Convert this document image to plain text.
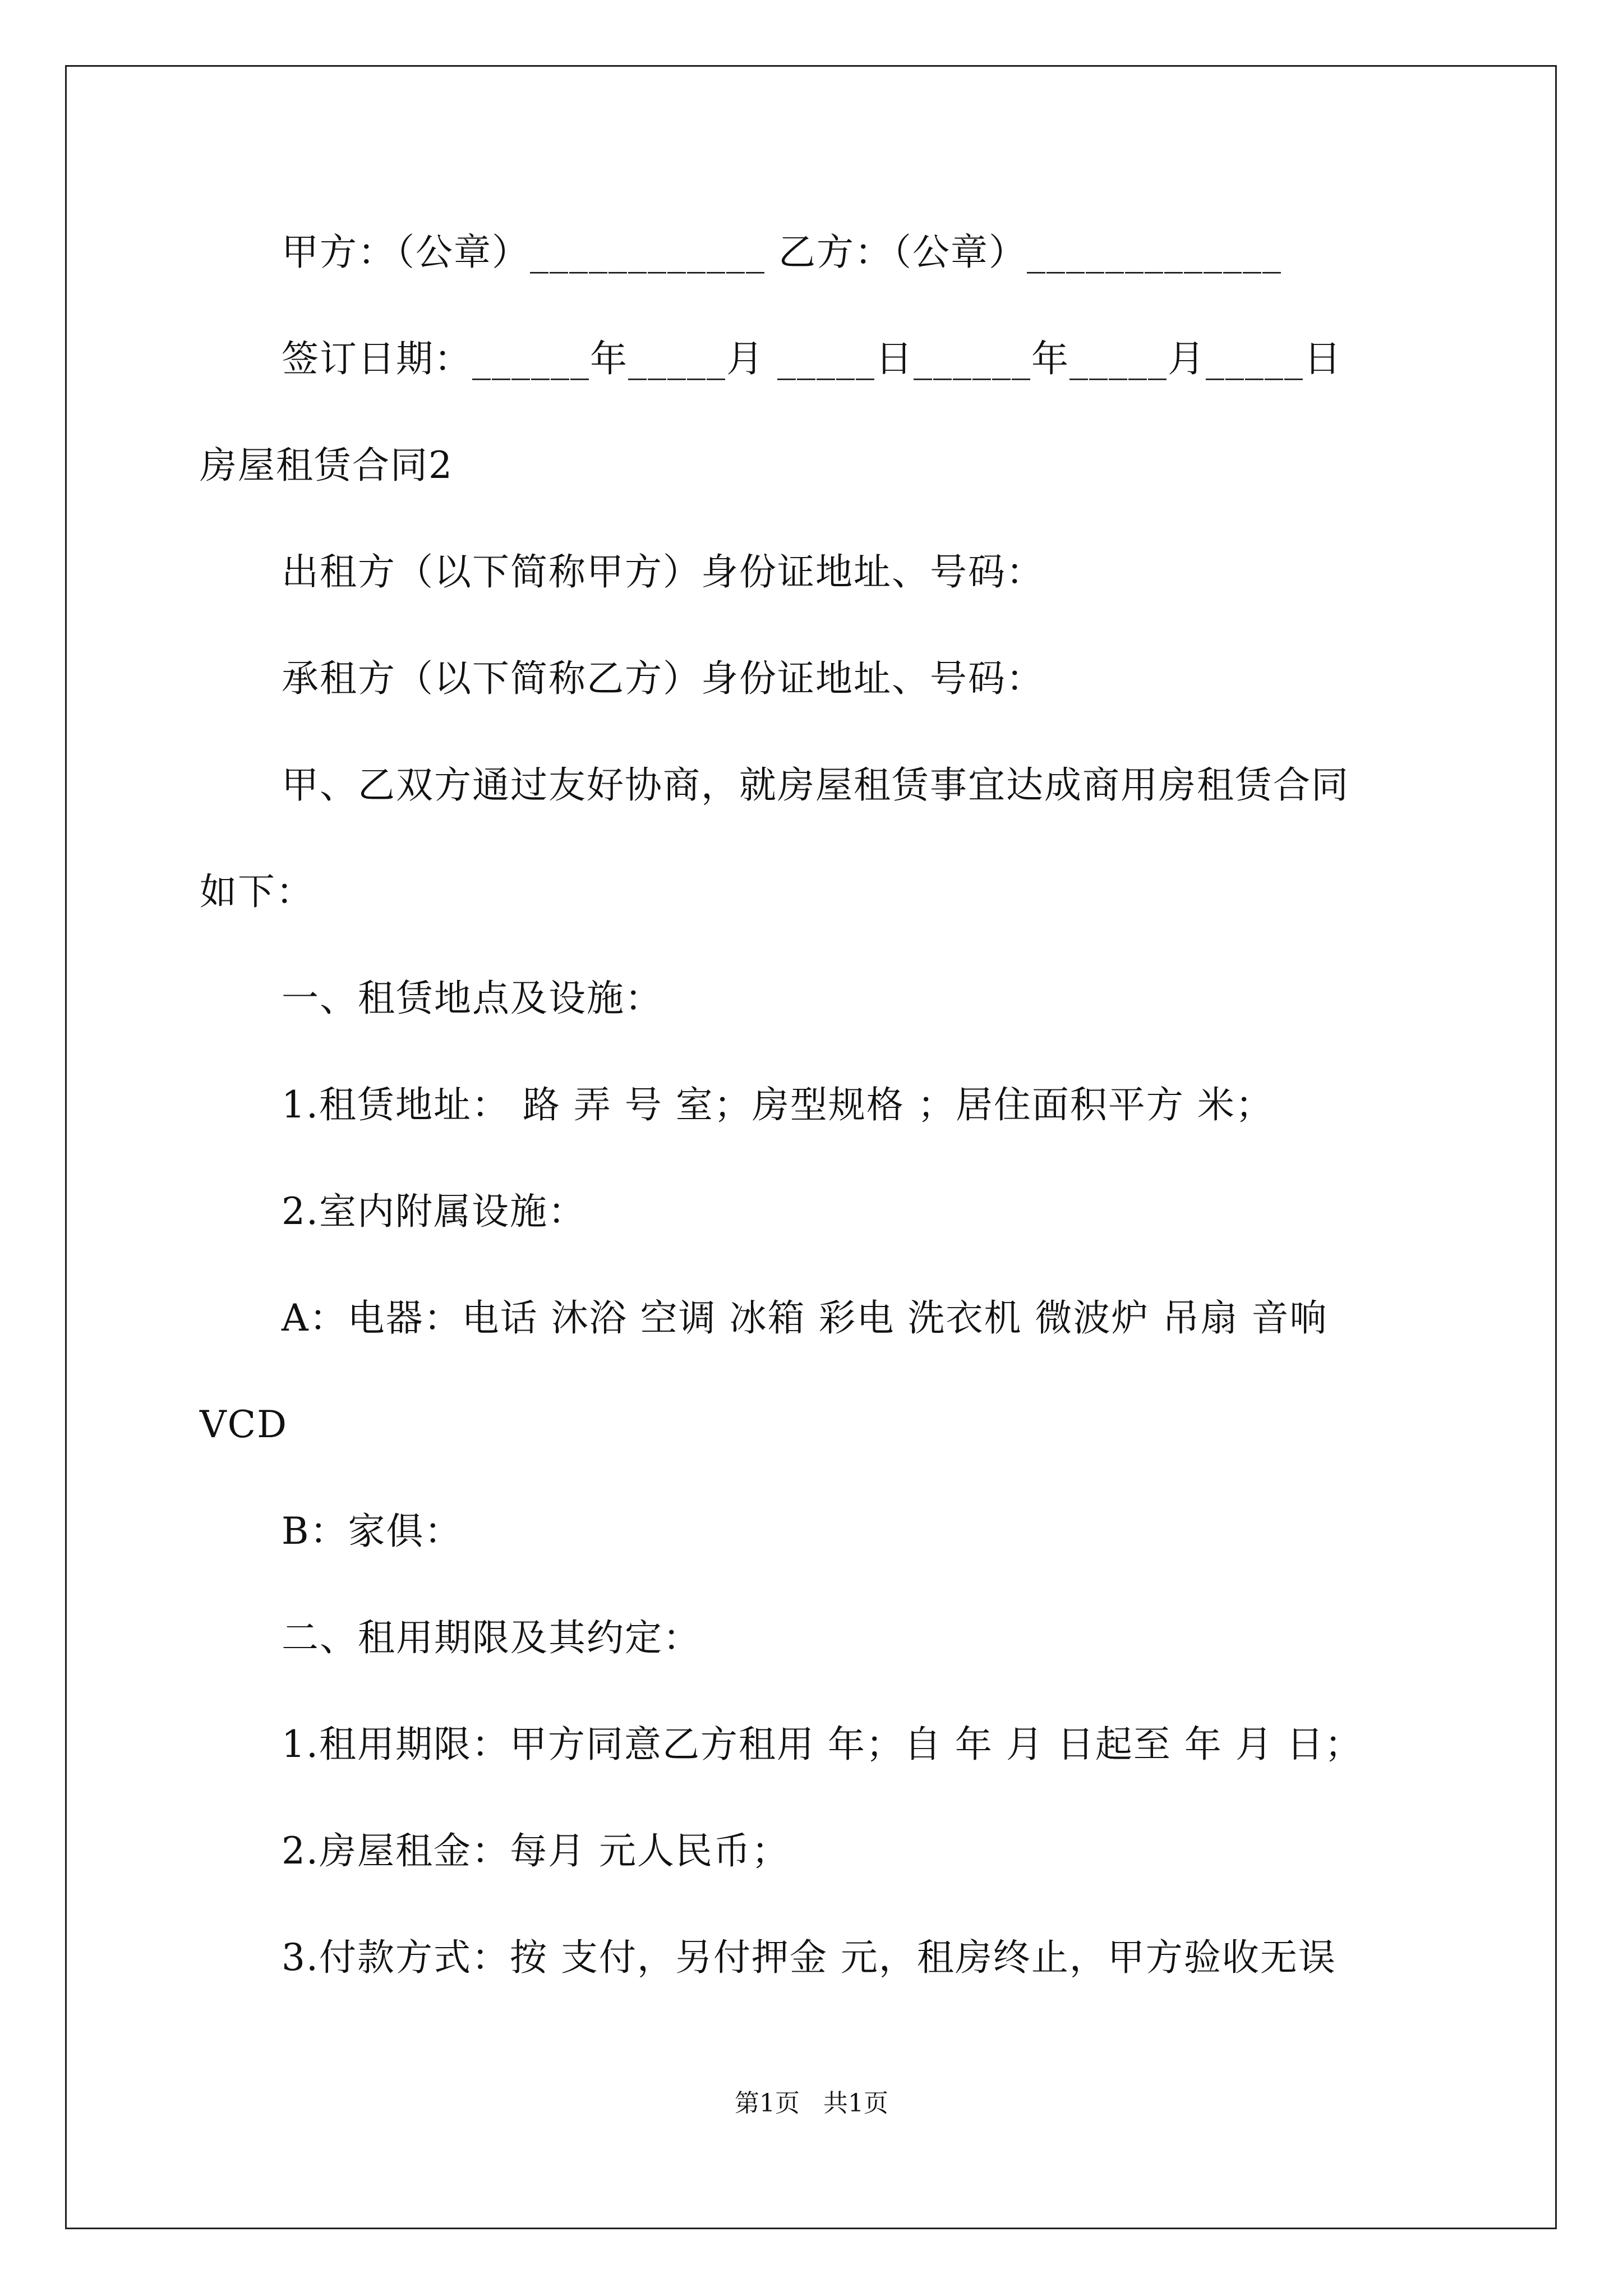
甲方：（公章）____________ 乙方：（公章）_____________
签订日期：______年_____月 _____日______年_____月_____日
房屋租赁合同2
出租方（以下简称甲方）身份证地址、号码：
承租方（以下简称乙方）身份证地址、号码：
甲、乙双方通过友好协商，就房屋租赁事宜达成商用房租赁合同
如下：
一、租赁地点及设施：
1.租赁地址： 路 弄 号 室；房型规格 ；居住面积平方 米；
2.室内附属设施：
A：电器：电话 沐浴 空调 冰箱 彩电 洗衣机 微波炉 吊扇 音响
VCD
B：家俱：
二、租用期限及其约定：
1.租用期限：甲方同意乙方租用 年；自 年 月 日起至 年 月 日；
2.房屋租金：每月 元人民币；
3.付款方式：按 支付，另付押金 元，租房终止，甲方验收无误
第1页   共1页
